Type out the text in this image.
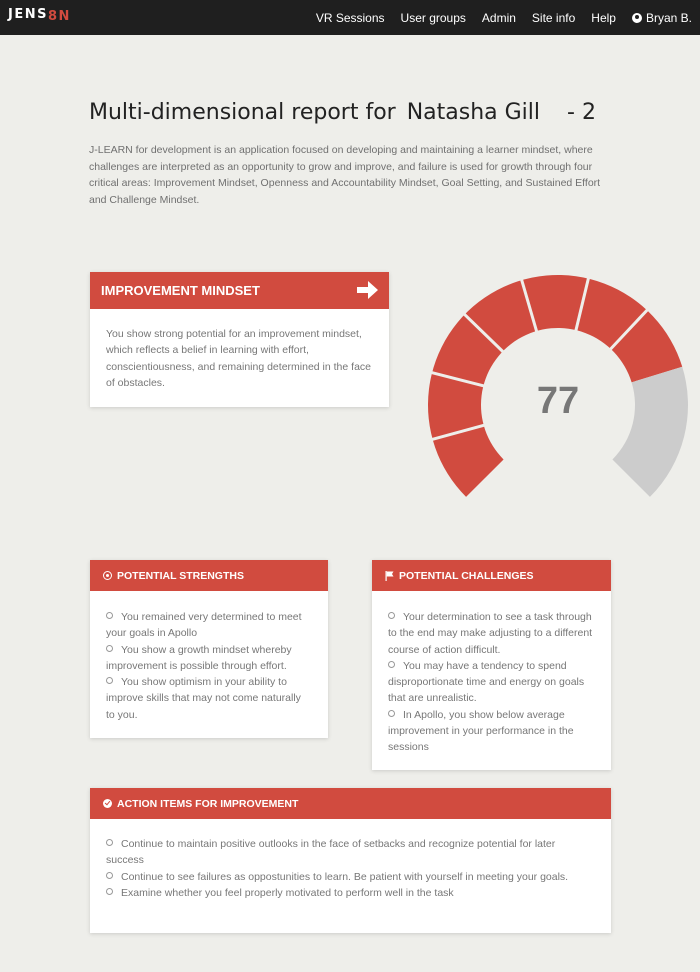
JENS8N	VR Sessions User groups Admin Site info Help	Bryan B.
Multi-dimensional report for Natasha Gill - 2
J-LEARN for development is an application focused on developing and maintaining a learner mindset, where challenges are interpreted as an opportunity to grow and improve, and failure is used for growth through four critical areas: Improvement Mindset, Openness and Accountability Mindset, Goal Setting, and Sustained Effort and Challenge Mindset.
IMPROVEMENT MINDSET
You show strong potential for an improvement mindset, which reflects a belief in learning with effort, conscientiousness, and remaining determined in the face of obstacles.	77
POTENTIAL STRENGTHS
You remained very determined to meet your goals in Apollo
You show a growth mindset whereby improvement is possible through effort.
You show optimism in your ability to improve skills that may not come naturally to you.
POTENTIAL CHALLENGES
Your determination to see a task through to the end may make adjusting to a different course of action difficult.
You may have a tendency to spend disproportionate time and energy on goals that are unrealistic.
In Apollo, you show below average improvement in your performance in the sessions
ACTION ITEMS FOR IMPROVEMENT
Continue to maintain positive outlooks in the face of setbacks and recognize potential for later success
Continue to see failures as oppostunities to learn. Be patient with yourself in meeting your goals.
Examine whether you feel properly motivated to perform well in the task
